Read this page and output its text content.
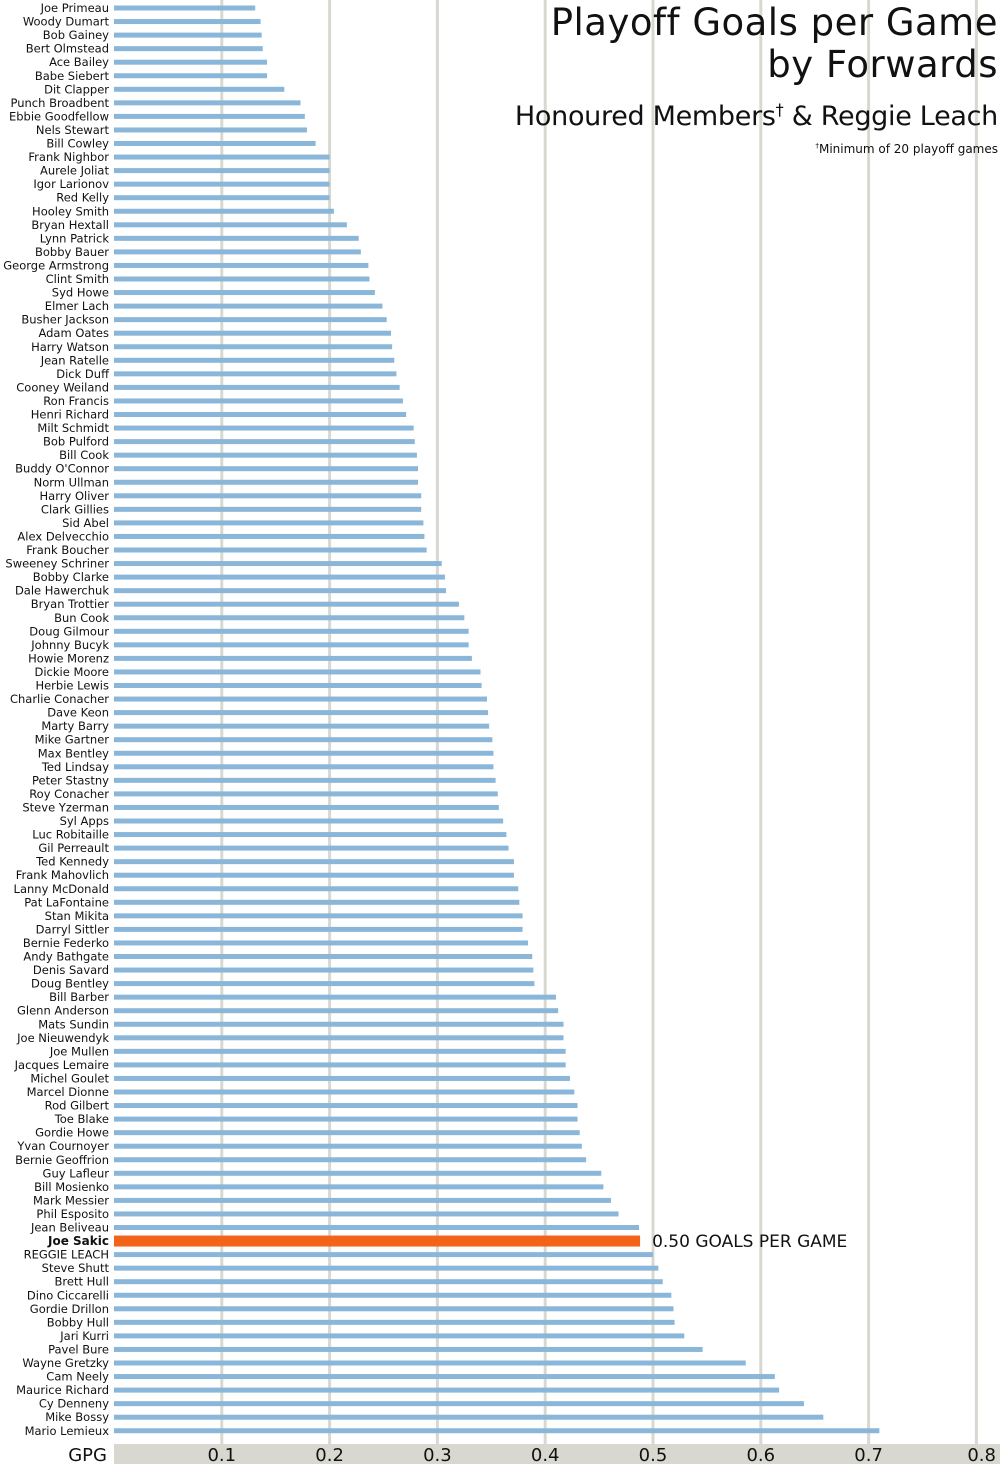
Joe Primeau
Woody Dumart
Bob Gainey
Bert Olmstead
Ace Bailey
Babe Siebert
Dit Clapper
Punch Broadbent
Ebbie Goodfellow
Nels Stewart
Bill Cowley
Frank Nighbor
Aurele Joliat
Igor Larionov
Red Kelly
Hooley Smith
Bryan Hextall
Lynn Patrick
Bobby Bauer
George Armstrong
Clint Smith
Syd Howe
Elmer Lach
Busher Jackson
Adam Oates
Harry Watson
Jean Ratelle
Dick Duff
Cooney Weiland
Ron Francis
Henri Richard
Milt Schmidt
Bob Pulford
Bill Cook
Buddy O'Connor
Norm Ullman
Harry Oliver
Clark Gillies
Sid Abel
Alex Delvecchio
Frank Boucher
Sweeney Schriner
Bobby Clarke
Dale Hawerchuk
Bryan Trottier
Bun Cook
Doug Gilmour
Johnny Bucyk
Howie Morenz
Dickie Moore
Herbie Lewis
Charlie Conacher
Dave Keon
Marty Barry
Mike Gartner
Max Bentley
Ted Lindsay
Peter Stastny
Roy Conacher
Steve Yzerman
Syl Apps
Luc Robitaille
Gil Perreault
Ted Kennedy
Frank Mahovlich
Lanny McDonald
Pat LaFontaine
Stan Mikita
Darryl Sittler
Bernie Federko
Andy Bathgate
Denis Savard
Doug Bentley
Bill Barber
Glenn Anderson
Mats Sundin
Joe Nieuwendyk
Joe Mullen
Jacques Lemaire
Michel Goulet
Marcel Dionne
Rod Gilbert
Toe Blake
Gordie Howe
Yvan Cournoyer
Bernie Geoffrion
Guy Lafleur
Bill Mosienko
Mark Messier
Phil Esposito
Jean Beliveau
Joe Sakic	0.50 GOALS PER GAME
REGGIE LEACH
Steve Shutt
Brett Hull
Dino Ciccarelli
Gordie Drillon
Bobby Hull
Jari Kurri
Pavel Bure
Wayne Gretzky
Cam Neely
Maurice Richard
Cy Denneny
Mike Bossy
Mario Lemieux
GPG	0.1	0.2	0.3	0.4	0.5	0.6	0.7	0.8
Playoff Goals per Game
by Forwards
Honoured Members† & Reggie Leach
†Minimum of 20 playoff games
